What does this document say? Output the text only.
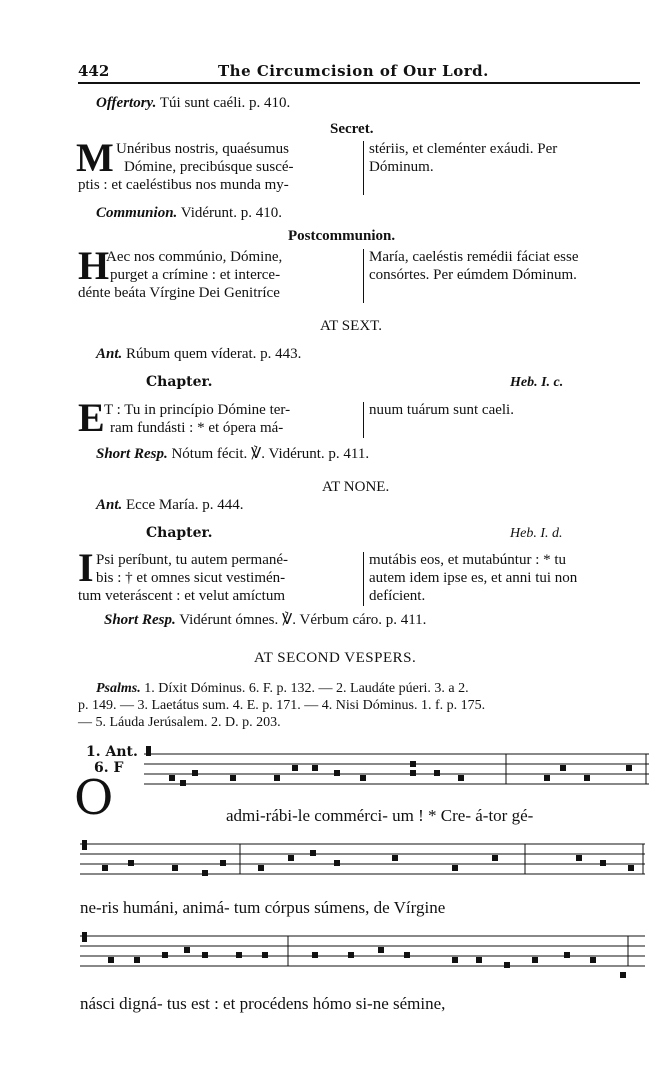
442	The Circumcision of Our Lord.
Offertory. Túi sunt caéli. p. 410.
Secret.
M Unéribus nostris, quaésumus
Dómine, precibúsque suscé-
ptis : et caeléstibus nos munda my-
stériis, et cleménter exáudi. Per
Dóminum.
Communion. Vidérunt. p. 410.
Postcommunion.
H
Aec nos commúnio, Dómine,
purget a crímine : et interce-
dénte beáta Vírgine Dei Genitríce
María, caeléstis remédii fáciat esse
consórtes. Per eúmdem Dóminum.
AT SEXT.
Ant. Rúbum quem víderat. p. 443.
Chapter.	Heb. I. c.
E T : Tu in princípio Dómine ter-
ram fundásti : * et ópera má-
nuum tuárum sunt caeli.
Short Resp. Nótum fécit. ℣. Vidérunt. p. 411.
AT NONE.
Ant. Ecce María. p. 444.
Chapter.	Heb. I. d.
I Psi períbunt, tu autem permané-
bis : † et omnes sicut vestimén-
tum veteráscent : et velut amíctum
mutábis eos, et mutabúntur : * tu
autem idem ipse es, et anni tui non
defícient.
Short Resp. Vidérunt ómnes. ℣. Vérbum cáro. p. 411.
AT SECOND VESPERS.
Psalms. 1. Díxit Dóminus. 6. F. p. 132. — 2. Laudáte púeri. 3. a 2.
p. 149. — 3. Laetátus sum. 4. E. p. 171. — 4. Nisi Dóminus. 1. f. p. 175.
— 5. Láuda Jerúsalem. 2. D. p. 203.
1. Ant.
6. F
O	admi-rábi-le commérci- um ! * Cre- á-tor gé-
ne-ris humáni, animá- tum córpus súmens, de Vírgine
násci digná- tus est : et procédens hómo si-ne sémine,
